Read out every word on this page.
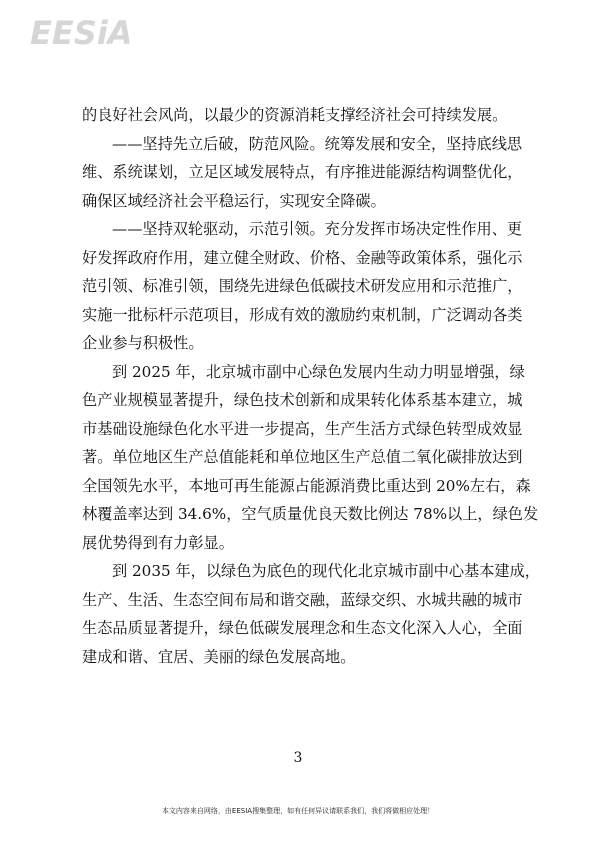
EESiA
的良好社会风尚，以最少的资源消耗支撑经济社会可持续发展。
——坚持先立后破，防范风险。统筹发展和安全，坚持底线思
维、系统谋划，立足区域发展特点，有序推进能源结构调整优化，
确保区域经济社会平稳运行，实现安全降碳。
——坚持双轮驱动，示范引领。充分发挥市场决定性作用、更
好发挥政府作用，建立健全财政、价格、金融等政策体系，强化示
范引领、标准引领，围绕先进绿色低碳技术研发应用和示范推广，
实施一批标杆示范项目，形成有效的激励约束机制，广泛调动各类
企业参与积极性。
到 2025 年，北京城市副中心绿色发展内生动力明显增强，绿
色产业规模显著提升，绿色技术创新和成果转化体系基本建立，城
市基础设施绿色化水平进一步提高，生产生活方式绿色转型成效显
著。单位地区生产总值能耗和单位地区生产总值二氧化碳排放达到
全国领先水平，本地可再生能源占能源消费比重达到 20%左右，森
林覆盖率达到 34.6%，空气质量优良天数比例达 78%以上，绿色发
展优势得到有力彰显。
到 2035 年，以绿色为底色的现代化北京城市副中心基本建成，
生产、生活、生态空间布局和谐交融，蓝绿交织、水城共融的城市
生态品质显著提升，绿色低碳发展理念和生态文化深入人心，全面
建成和谐、宜居、美丽的绿色发展高地。
3
本文内容来自网络，由EESIA搜集整理，如有任何异议请联系我们，我们将做相应处理！
